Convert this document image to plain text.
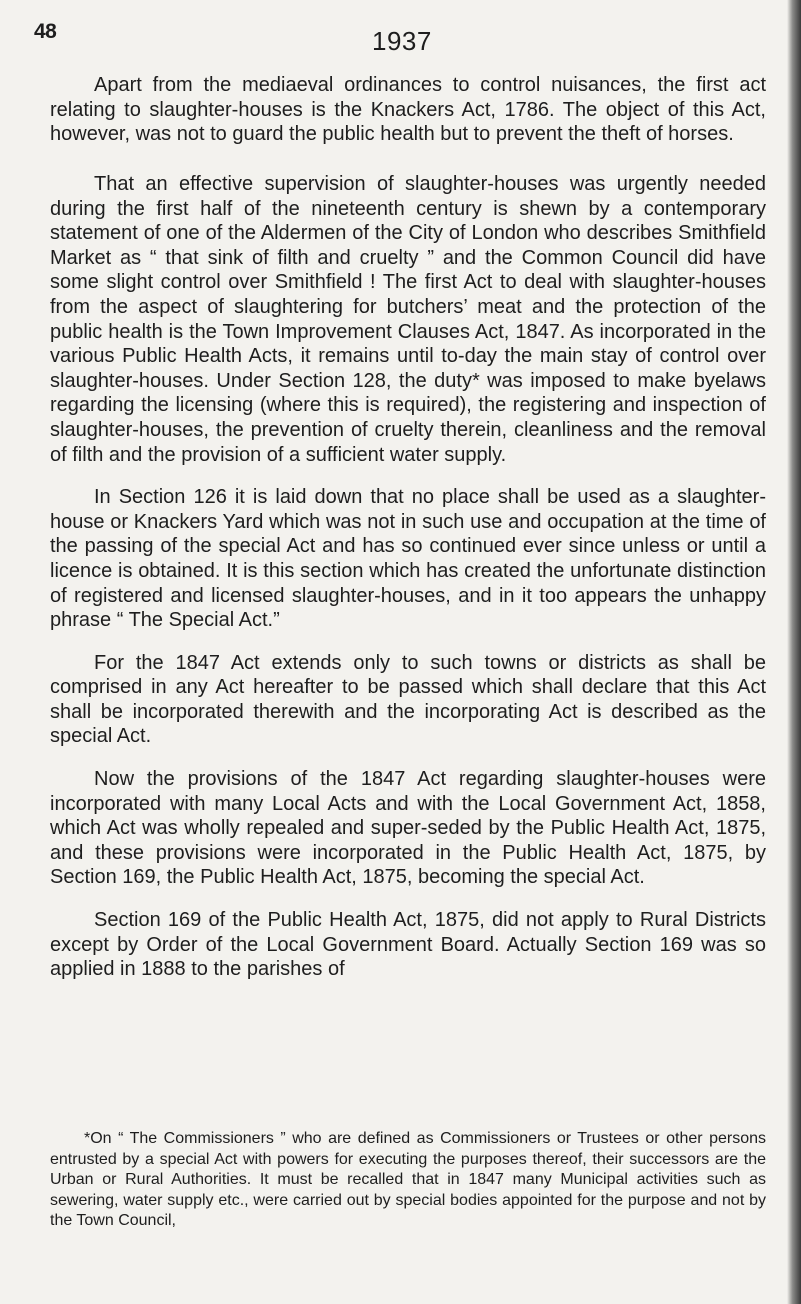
48	1937

Apart from the mediaeval ordinances to control nuisances, the first act relating to slaughter-houses is the Knackers Act, 1786. The object of this Act, however, was not to guard the public health but to prevent the theft of horses.

That an effective supervision of slaughter-houses was urgently needed during the first half of the nineteenth century is shewn by a contemporary statement of one of the Aldermen of the City of London who describes Smithfield Market as “ that sink of filth and cruelty ” and the Common Council did have some slight control over Smithfield ! The first Act to deal with slaughter-houses from the aspect of slaughtering for butchers’ meat and the protection of the public health is the Town Improvement Clauses Act, 1847. As incorporated in the various Public Health Acts, it remains until to-day the main stay of control over slaughter-houses. Under Section 128, the duty* was imposed to make byelaws regarding the licensing (where this is required), the registering and inspection of slaughter-houses, the prevention of cruelty therein, cleanliness and the removal of filth and the provision of a sufficient water supply.

In Section 126 it is laid down that no place shall be used as a slaughter-house or Knackers Yard which was not in such use and occupation at the time of the passing of the special Act and has so continued ever since unless or until a licence is obtained. It is this section which has created the unfortunate distinction of registered and licensed slaughter-houses, and in it too appears the unhappy phrase “ The Special Act.”

For the 1847 Act extends only to such towns or districts as shall be comprised in any Act hereafter to be passed which shall declare that this Act shall be incorporated therewith and the incorporating Act is described as the special Act.

Now the provisions of the 1847 Act regarding slaughter-houses were incorporated with many Local Acts and with the Local Government Act, 1858, which Act was wholly repealed and super-seded by the Public Health Act, 1875, and these provisions were incorporated in the Public Health Act, 1875, by Section 169, the Public Health Act, 1875, becoming the special Act.

Section 169 of the Public Health Act, 1875, did not apply to Rural Districts except by Order of the Local Government Board. Actually Section 169 was so applied in 1888 to the parishes of

*On “ The Commissioners ” who are defined as Commissioners or Trustees or other persons entrusted by a special Act with powers for executing the purposes thereof, their successors are the Urban or Rural Authorities. It must be recalled that in 1847 many Municipal activities such as sewering, water supply etc., were carried out by special bodies appointed for the purpose and not by the Town Council,
